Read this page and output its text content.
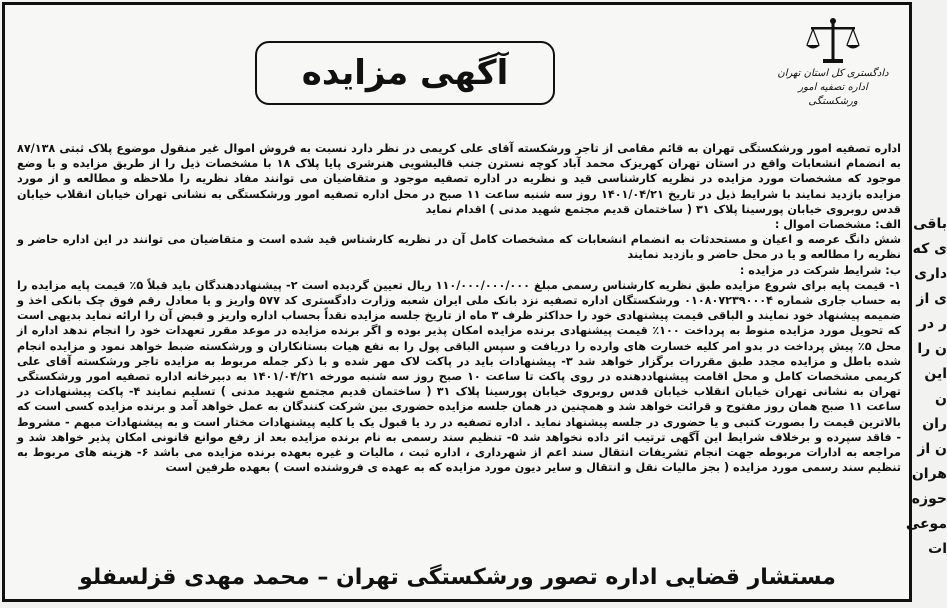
دادگستری کل استان تهران
اداره تصفیه امور ورشکستگی
آگهی مزایده

اداره تصفیه امور ورشکستگی تهران به قائم مقامی از تاجر ورشکسته آقای علی کریمی در نظر دارد نسبت به فروش اموال غیر منقول موضوع پلاک ثبتی ۸۷/۱۳۸ به انضمام انشعابات واقع در استان تهران کهریزک محمد آباد کوچه نسترن جنب قالیشویی هنرشری پایا پلاک ۱۸ با مشخصات ذیل را از طریق مزایده و با وضع موجود که مشخصات مورد مزایده در نظریه کارشناسی قید و نظریه در اداره تصفیه موجود و متقاضیان می توانند مفاد نظریه را ملاحظه و مطالعه و از مورد مزایده بازدید نمایند با شرایط ذیل در تاریخ ۱۴۰۱/۰۴/۲۱ روز سه شنبه ساعت ۱۱ صبح در محل اداره تصفیه امور ورشکستگی به نشانی تهران خیابان انقلاب خیابان قدس روبروی خیابان پورسینا پلاک ۳۱ ( ساختمان قدیم مجتمع شهید مدنی ) اقدام نماید

الف: مشخصات اموال :

شش دانگ عرصه و اعیان و مستحدثات به انضمام انشعابات که مشخصات کامل آن در نظریه کارشناس قید شده است و متقاضیان می توانند در این اداره حاضر و نظریه را مطالعه و یا در محل حاضر و بازدید نمایند

ب: شرایط شرکت در مزایده :

۱- قیمت پایه برای شروع مزایده طبق نظریه کارشناس رسمی مبلغ ۱۱۰/۰۰۰/۰۰۰/۰۰۰ ریال تعیین گردیده است ۲- پیشنهاددهندگان باید قبلاً ۵٪ قیمت پایه مزایده را به حساب جاری شماره ۰۱۰۸۰۷۲۳۹۰۰۰۴ ورشکستگان اداره تصفیه نزد بانک ملی ایران شعبه وزارت دادگستری کد ۵۷۷ واریز و یا معادل رقم فوق چک بانکی اخذ و ضمیمه پیشنهاد خود نمایند و الباقی قیمت پیشنهادی خود را حداکثر ظرف ۳ ماه از تاریخ جلسه مزایده نقداً بحساب اداره واریز و قبض آن را ارائه نماید بدیهی است که تحویل مورد مزایده منوط به پرداخت ۱۰۰٪ قیمت پیشنهادی برنده مزایده امکان پذیر بوده و اگر برنده مزایده در موعد مقرر تعهدات خود را انجام ندهد اداره از محل ۵٪ پیش پرداخت در بدو امر کلیه خسارت های وارده را دریافت و سپس الباقی پول را به نفع هیات بستانکاران و ورشکسته ضبط خواهد نمود و مزایده انجام شده باطل و مزایده مجدد طبق مقررات برگزار خواهد شد ۳- پیشنهادات باید در پاکت لاک مهر شده و با ذکر جمله مربوط به مزایده تاجر ورشکسته آقای علی کریمی مشخصات کامل و محل اقامت پیشنهاددهنده در روی پاکت تا ساعت ۱۰ صبح روز سه شنبه مورخه ۱۴۰۱/۰۴/۲۱ به دبیرخانه اداره تصفیه امور ورشکستگی تهران به نشانی تهران خیابان انقلاب خیابان قدس روبروی خیابان پورسینا پلاک ۳۱ ( ساختمان قدیم مجتمع شهید مدنی ) تسلیم نمایند ۴- پاکت پیشنهادات در ساعت ۱۱ صبح همان روز مفتوح و قرائت خواهد شد و همچنین در همان جلسه مزایده حضوری بین شرکت کنندگان به عمل خواهد آمد و برنده مزایده کسی است که بالاترین قیمت را بصورت کتبی و یا حضوری در جلسه پیشنهاد نماید . اداره تصفیه در رد یا قبول یک یا کلیه پیشنهادات مختار است و به پیشنهادات مبهم - مشروط - فاقد سپرده و برخلاف شرایط این آگهی ترتیب اثر داده نخواهد شد ۵- تنظیم سند رسمی به نام برنده مزایده بعد از رفع موانع قانونی امکان پذیر خواهد شد و مراجعه به ادارات مربوطه جهت انجام تشریفات انتقال سند اعم از شهرداری ، اداره ثبت ، مالیات و غیره بعهده برنده مزایده می باشد ۶- هزینه های مربوط به تنظیم سند رسمی مورد مزایده ( بجز مالیات نقل و انتقال و سایر دیون مورد مزایده که به عهده ی فروشنده است ) بعهده طرفین است

مستشار قضایی اداره تصور ورشکستگی تهران – محمد مهدی قزلسفلو
باقی
ی که
داری
ی از
ر در
ن را
این
ن
ران
ن از
هران
حوزه
موعی
ات
